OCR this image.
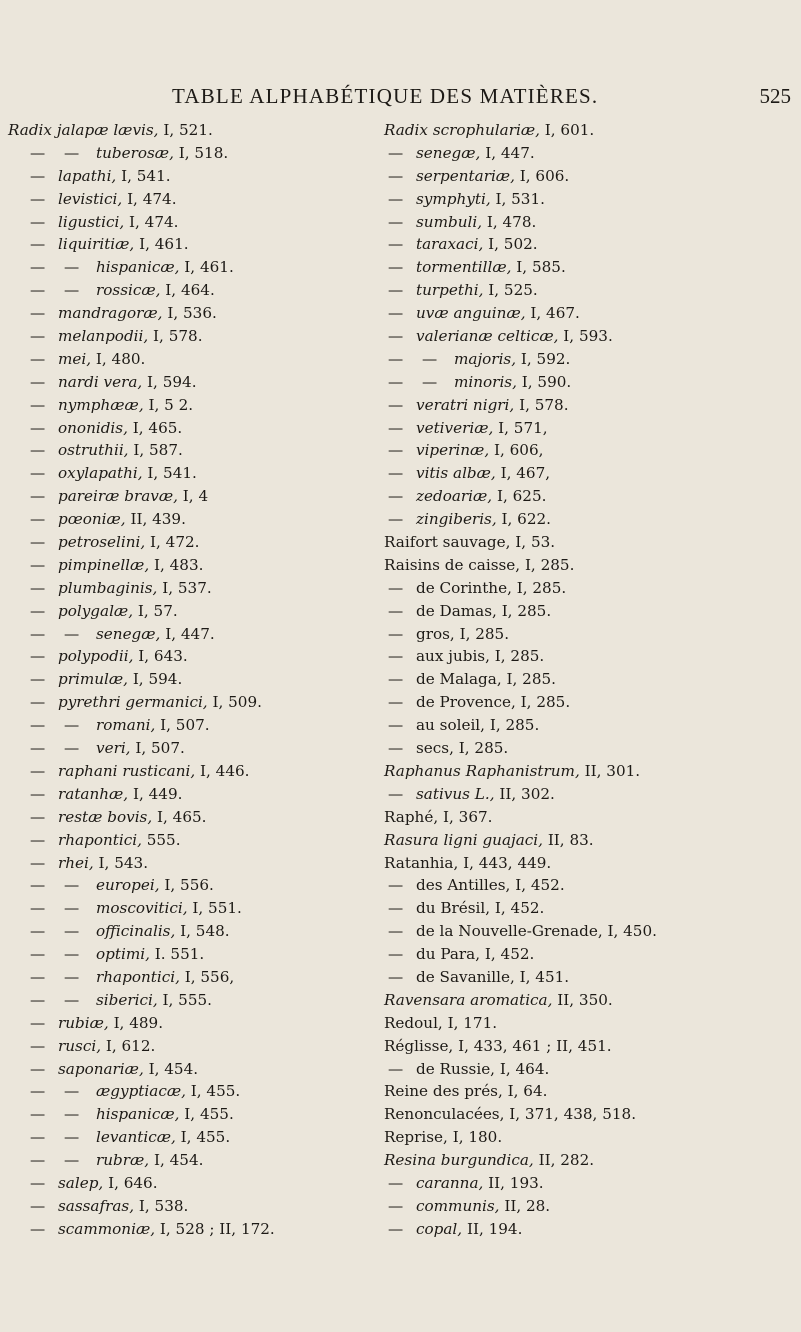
TABLE ALPHABÉTIQUE DES MATIÈRES.	525
Radix jalapæ lævis, I, 521.
— — tuberosæ, I, 518.
— lapathi, I, 541.
— levistici, I, 474.
— ligustici, I, 474.
— liquiritiæ, I, 461.
— — hispanicæ, I, 461.
— — rossicæ, I, 464.
— mandragoræ, I, 536.
— melanpodii, I, 578.
— mei, I, 480.
— nardi vera, I, 594.
— nymphææ, I, 5 2.
— ononidis, I, 465.
— ostruthii, I, 587.
— oxylapathi, I, 541.
— pareiræ bravæ, I, 4
— pœoniæ, II, 439.
— petroselini, I, 472.
— pimpinellæ, I, 483.
— plumbaginis, I, 537.
— polygalæ, I, 57.
— — senegæ, I, 447.
— polypodii, I, 643.
— primulæ, I, 594.
— pyrethri germanici, I, 509.
— — romani, I, 507.
— — veri, I, 507.
— raphani rusticani, I, 446.
— ratanhæ, I, 449.
— restæ bovis, I, 465.
— rhapontici, 555.
— rhei, I, 543.
— — europei, I, 556.
— — moscovitici, I, 551.
— — officinalis, I, 548.
— — optimi, I. 551.
— — rhapontici, I, 556,
— — siberici, I, 555.
— rubiæ, I, 489.
— rusci, I, 612.
— saponariæ, I, 454.
— — ægyptiacæ, I, 455.
— — hispanicæ, I, 455.
— — levanticæ, I, 455.
— — rubræ, I, 454.
— salep, I, 646.
— sassafras, I, 538.
— scammoniæ, I, 528 ; II, 172.
Radix scrophulariæ, I, 601.
— senegæ, I, 447.
— serpentariæ, I, 606.
— symphyti, I, 531.
— sumbuli, I, 478.
— taraxaci, I, 502.
— tormentillæ, I, 585.
— turpethi, I, 525.
— uvæ anguinæ, I, 467.
— valerianæ celticæ, I, 593.
— — majoris, I, 592.
— — minoris, I, 590.
— veratri nigri, I, 578.
— vetiveriæ, I, 571,
— viperinæ, I, 606,
— vitis albæ, I, 467,
— zedoariæ, I, 625.
— zingiberis, I, 622.
Raifort sauvage, I, 53.
Raisins de caisse, I, 285.
— de Corinthe, I, 285.
— de Damas, I, 285.
— gros, I, 285.
— aux jubis, I, 285.
— de Malaga, I, 285.
— de Provence, I, 285.
— au soleil, I, 285.
— secs, I, 285.
Raphanus Raphanistrum, II, 301.
— sativus L., II, 302.
Raphé, I, 367.
Rasura ligni guajaci, II, 83.
Ratanhia, I, 443, 449.
— des Antilles, I, 452.
— du Brésil, I, 452.
— de la Nouvelle-Grenade, I, 450.
— du Para, I, 452.
— de Savanille, I, 451.
Ravensara aromatica, II, 350.
Redoul, I, 171.
Réglisse, I, 433, 461 ; II, 451.
— de Russie, I, 464.
Reine des prés, I, 64.
Renonculacées, I, 371, 438, 518.
Reprise, I, 180.
Resina burgundica, II, 282.
— caranna, II, 193.
— communis, II, 28.
— copal, II, 194.
